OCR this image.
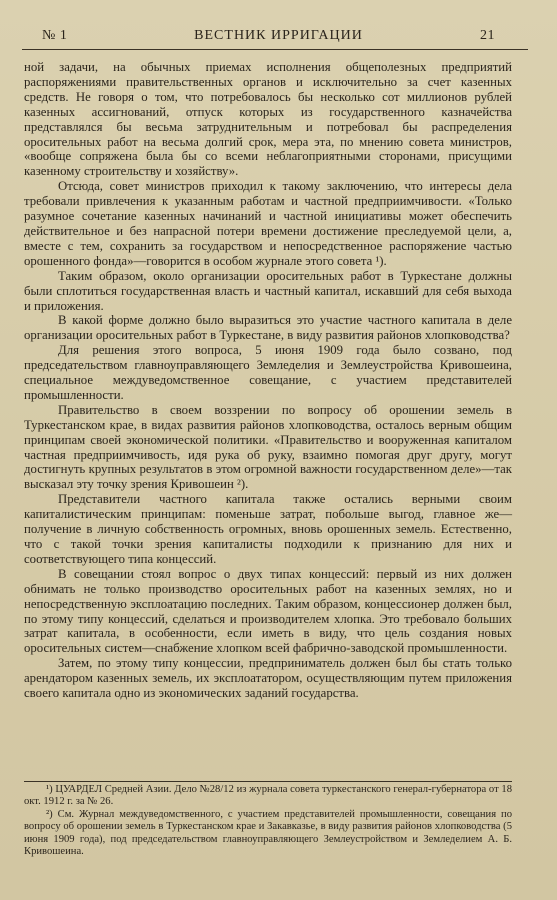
№ 1	ВЕСТНИК ИРРИГАЦИИ	21

ной задачи, на обычных приемах исполнения общеполезных предприятий распоряжениями правительственных органов и исключительно за счет казенных средств. Не говоря о том, что потребовалось бы несколько сот миллионов рублей казенных ассигнований, отпуск которых из государственного казначейства представлялся бы весьма затруднительным и потребовал бы распределения оросительных работ на весьма долгий срок, мера эта, по мнению совета министров, «вообще сопряжена была бы со всеми неблагоприятными сторонами, присущими казенному строительству и хозяйству».

Отсюда, совет министров приходил к такому заключению, что интересы дела требовали привлечения к указанным работам и частной предприимчивости. «Только разумное сочетание казенных начинаний и частной инициативы может обеспечить действительное и без напрасной потери времени достижение преследуемой цели, а, вместе с тем, сохранить за государством и непосредственное распоряжение частью орошенного фонда»—говорится в особом журнале этого совета ¹).

Таким образом, около организации оросительных работ в Туркестане должны были сплотиться государственная власть и частный капитал, искавший для себя выхода и приложения.

В какой форме должно было выразиться это участие частного капитала в деле организации оросительных работ в Туркестане, в виду развития районов хлопководства?

Для решения этого вопроса, 5 июня 1909 года было созвано, под председательством главноуправляющего Земледелия и Землеустройства Кривошеина, специальное междуведомственное совещание, с участием представителей промышленности.

Правительство в своем воззрении по вопросу об орошении земель в Туркестанском крае, в видах развития районов хлопководства, осталось верным общим принципам своей экономической политики. «Правительство и вооруженная капиталом частная предприимчивость, идя рука об руку, взаимно помогая друг другу, могут достигнуть крупных результатов в этом огромной важности государственном деле»—так высказал эту точку зрения Кривошеин ²).

Представители частного капитала также остались верными своим капиталистическим принципам: поменьше затрат, побольше выгод, главное же—получение в личную собственность огромных, вновь орошенных земель. Естественно, что с такой точки зрения капиталисты подходили к признанию для них и соответствующего типа концессий.

В совещании стоял вопрос о двух типах концессий: первый из них должен обнимать не только производство оросительных работ на казенных землях, но и непосредственную эксплоатацию последних. Таким образом, концессионер должен был, по этому типу концессий, сделаться и производителем хлопка. Это требовало больших затрат капитала, в особенности, если иметь в виду, что цель создания новых оросительных систем—снабжение хлопком всей фабрично-заводской промышленности.

Затем, по этому типу концессии, предприниматель должен был бы стать только арендатором казенных земель, их эксплоататором, осуществляющим путем приложения своего капитала одно из экономических заданий государства.

¹) ЦУАРДЕЛ Средней Азии. Дело №28/12 из журнала совета туркестанского генерал-губернатора от 18 окт. 1912 г. за № 26.

²) См. Журнал междуведомственного, с участием представителей промышленности, совещания по вопросу об орошении земель в Туркестанском крае и Закавказье, в виду развития районов хлопководства (5 июня 1909 года), под председательством главноуправляющего Землеустройством и Земледелием А. Б. Кривошеина.
